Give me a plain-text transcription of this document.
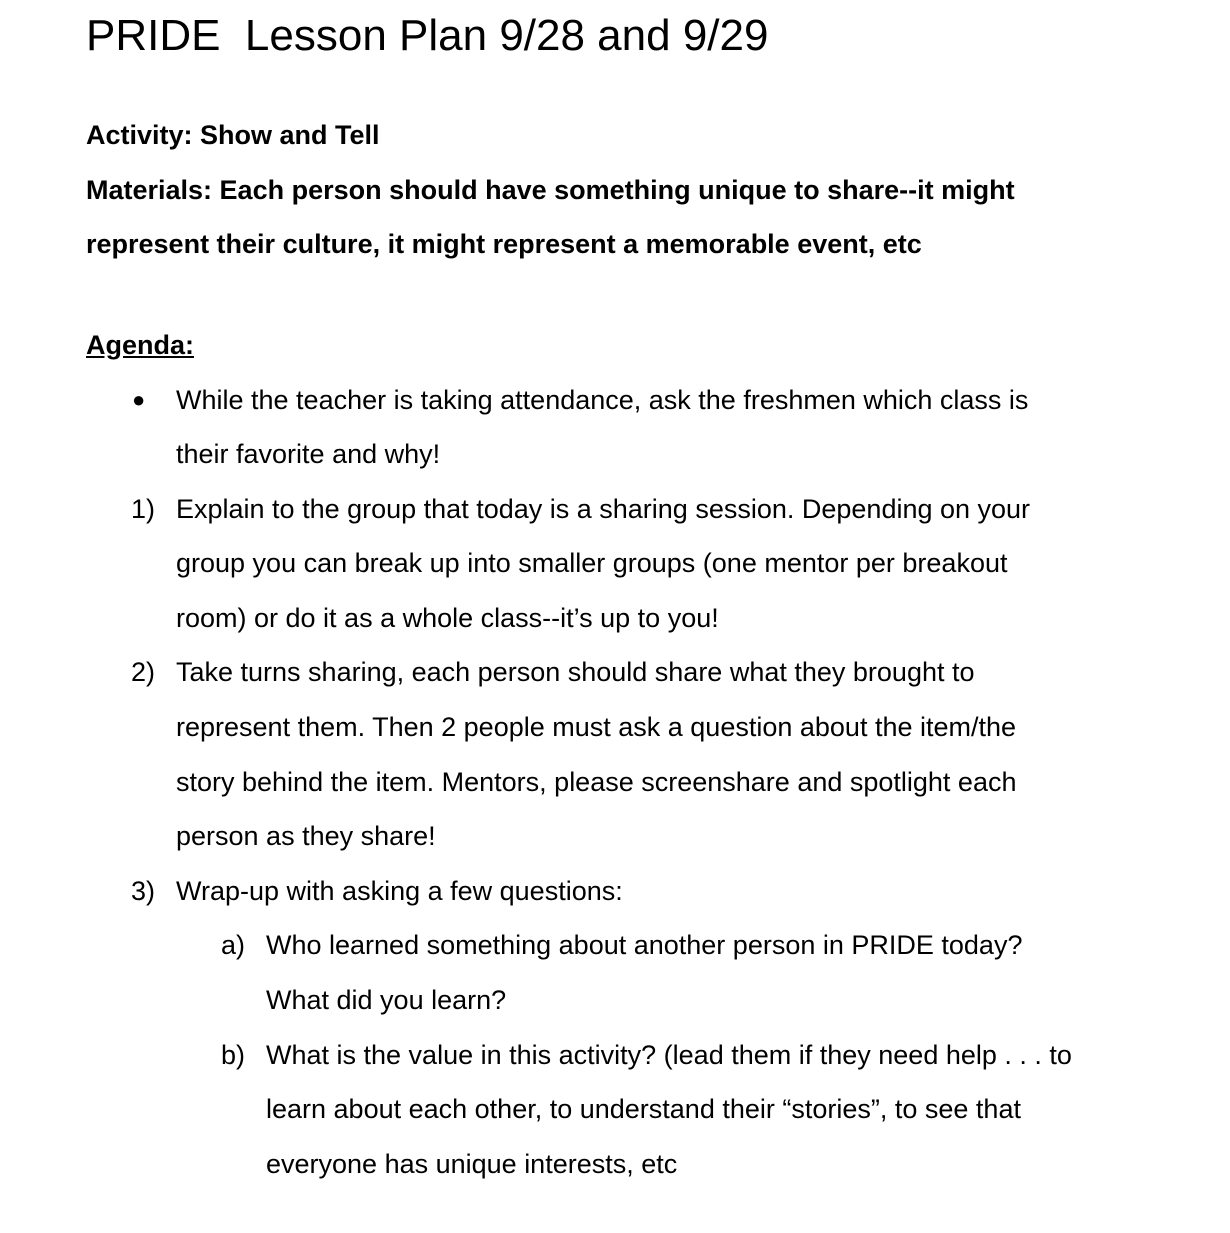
PRIDE  Lesson Plan 9/28 and 9/29

Activity: Show and Tell

Materials: Each person should have something unique to share--it might

represent their culture, it might represent a memorable event, etc

Agenda:

● While the teacher is taking attendance, ask the freshmen which class is

their favorite and why!

1) Explain to the group that today is a sharing session. Depending on your

group you can break up into smaller groups (one mentor per breakout

room) or do it as a whole class--it’s up to you!

2) Take turns sharing, each person should share what they brought to

represent them. Then 2 people must ask a question about the item/the

story behind the item. Mentors, please screenshare and spotlight each

person as they share!

3) Wrap-up with asking a few questions:

a) Who learned something about another person in PRIDE today?

What did you learn?

b) What is the value in this activity? (lead them if they need help . . . to

learn about each other, to understand their “stories”, to see that

everyone has unique interests, etc
